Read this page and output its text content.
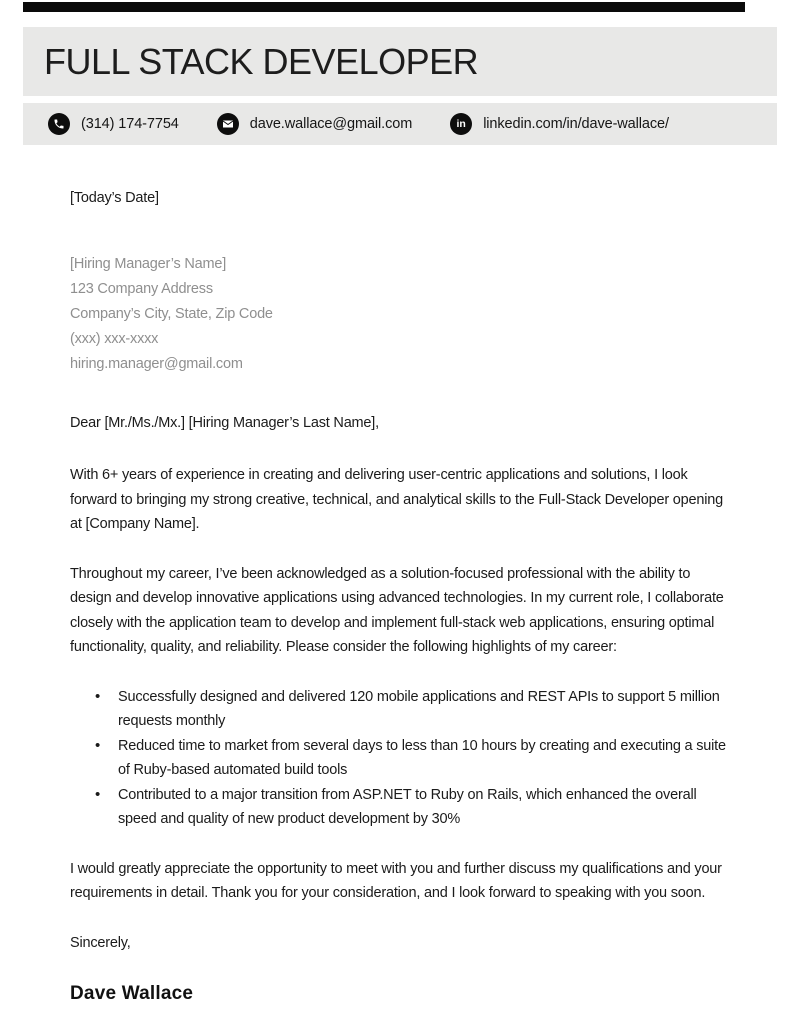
FULL STACK DEVELOPER
(314) 174-7754	dave.wallace@gmail.com	in linkedin.com/in/dave-wallace/
[Today’s Date]
[Hiring Manager’s Name]
123 Company Address
Company’s City, State, Zip Code
(xxx) xxx-xxxx
hiring.manager@gmail.com
Dear [Mr./Ms./Mx.] [Hiring Manager’s Last Name],

With 6+ years of experience in creating and delivering user-centric applications and solutions, I look forward to bringing my strong creative, technical, and analytical skills to the Full-Stack Developer opening at [Company Name].

Throughout my career, I’ve been acknowledged as a solution-focused professional with the ability to design and develop innovative applications using advanced technologies. In my current role, I collaborate closely with the application team to develop and implement full-stack web applications, ensuring optimal functionality, quality, and reliability. Please consider the following highlights of my career:

• Successfully designed and delivered 120 mobile applications and REST APIs to support 5 million requests monthly
• Reduced time to market from several days to less than 10 hours by creating and executing a suite of Ruby-based automated build tools
• Contributed to a major transition from ASP.NET to Ruby on Rails, which enhanced the overall speed and quality of new product development by 30%

I would greatly appreciate the opportunity to meet with you and further discuss my qualifications and your requirements in detail. Thank you for your consideration, and I look forward to speaking with you soon.

Sincerely,
Dave Wallace
